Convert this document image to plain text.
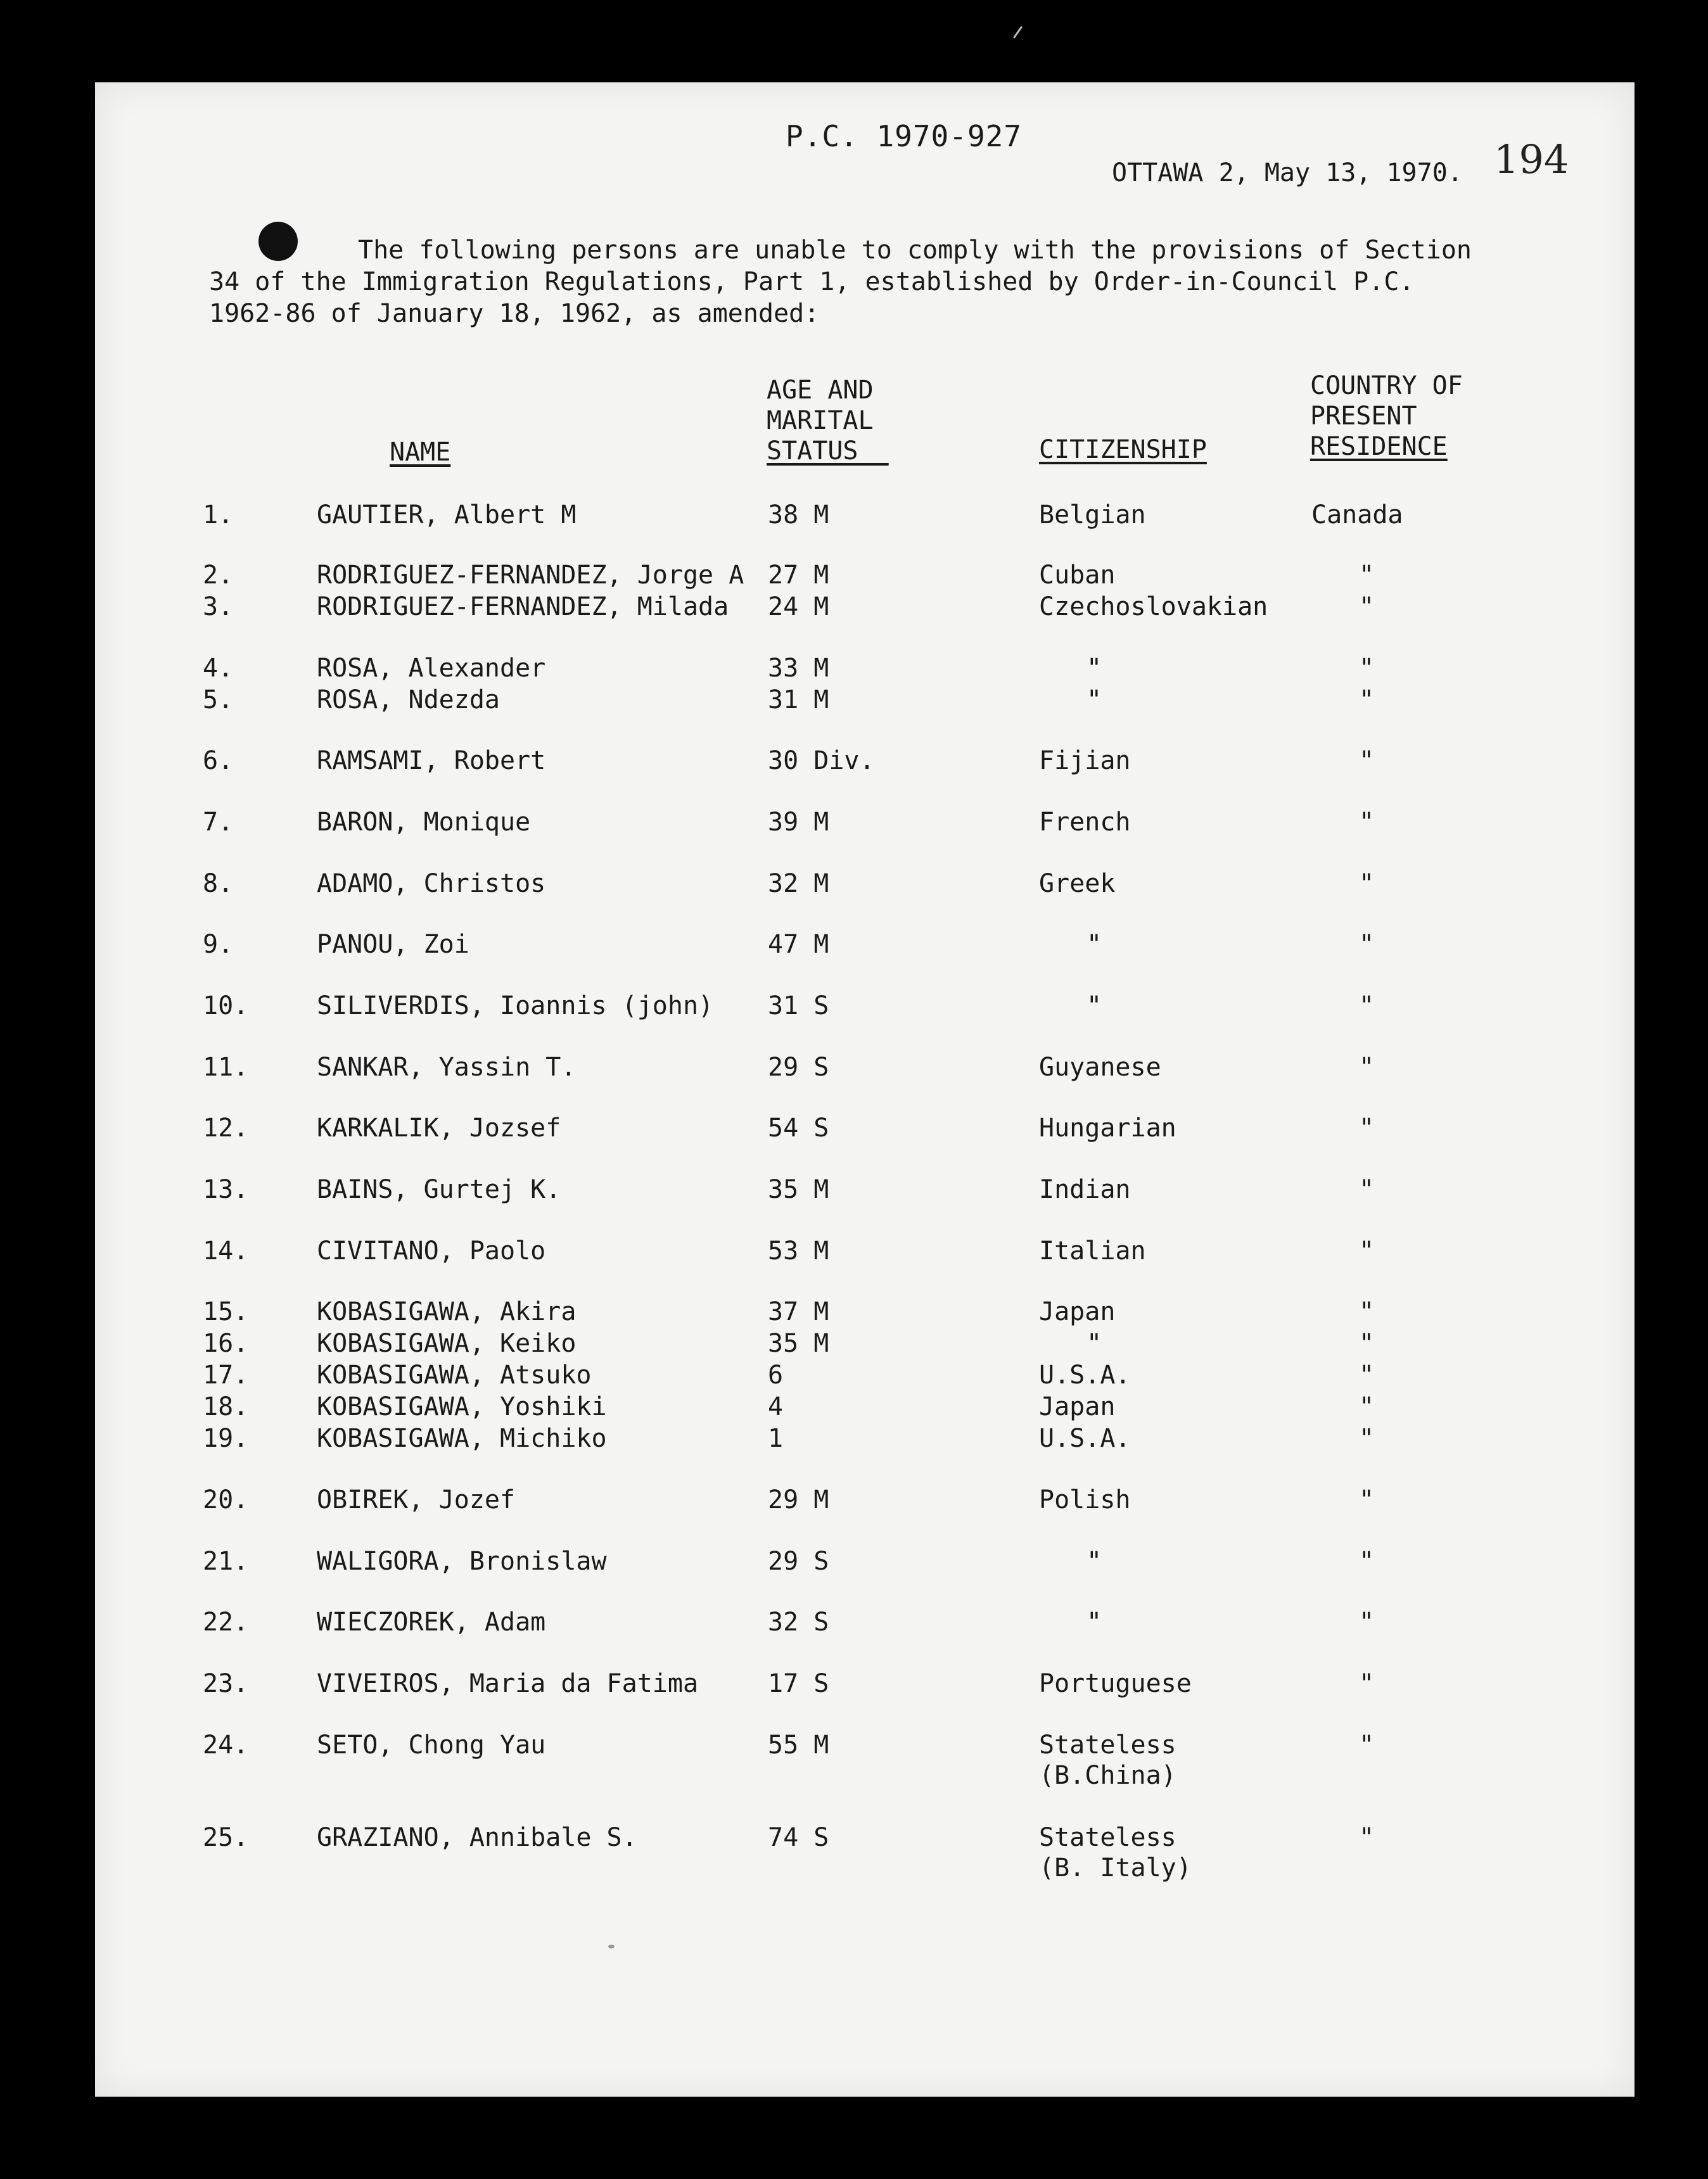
P.C. 1970-927
OTTAWA 2, May 13, 1970. 194
The following persons are unable to comply with the provisions of Section
34 of the Immigration Regulations, Part 1, established by Order-in-Council P.C.
1962-86 of January 18, 1962, as amended:
NAME
AGE AND
MARITAL
STATUS	CITIZENSHIP
COUNTRY OF
PRESENT
RESIDENCE
1.	GAUTIER, Albert M	38 M	Belgian	Canada
2.	RODRIGUEZ-FERNANDEZ, Jorge A 27 M	Cuban	"
3.	RODRIGUEZ-FERNANDEZ, Milada 24 M	Czechoslovakian	"
4.	ROSA, Alexander	33 M	"	"
5.	ROSA, Ndezda	31 M	"	"
6.	RAMSAMI, Robert	30 Div.	Fijian	"
7.	BARON, Monique	39 M	French	"
8.	ADAMO, Christos	32 M	Greek	"
9.	PANOU, Zoi	47 M	"	"
10.	SILIVERDIS, Ioannis (john) 31 S	"	"
11.	SANKAR, Yassin T.	29 S	Guyanese	"
12.	KARKALIK, Jozsef	54 S	Hungarian	"
13.	BAINS, Gurtej K.	35 M	Indian	"
14.	CIVITANO, Paolo	53 M	Italian	"
15.	KOBASIGAWA, Akira	37 M	Japan	"
16.	KOBASIGAWA, Keiko	35 M	"	"
17.	KOBASIGAWA, Atsuko	6	U.S.A.	"
18.	KOBASIGAWA, Yoshiki	4	Japan	"
19.	KOBASIGAWA, Michiko	1	U.S.A.	"
20.	OBIREK, Jozef	29 M	Polish	"
21.	WALIGORA, Bronislaw	29 S	"	"
22.	WIECZOREK, Adam	32 S	"	"
23.	VIVEIROS, Maria da Fatima	17 S	Portuguese	"
24.	SETO, Chong Yau	55 M	Stateless	"
(B.China)
25.	GRAZIANO, Annibale S.	74 S	Stateless	"
(B. Italy)
